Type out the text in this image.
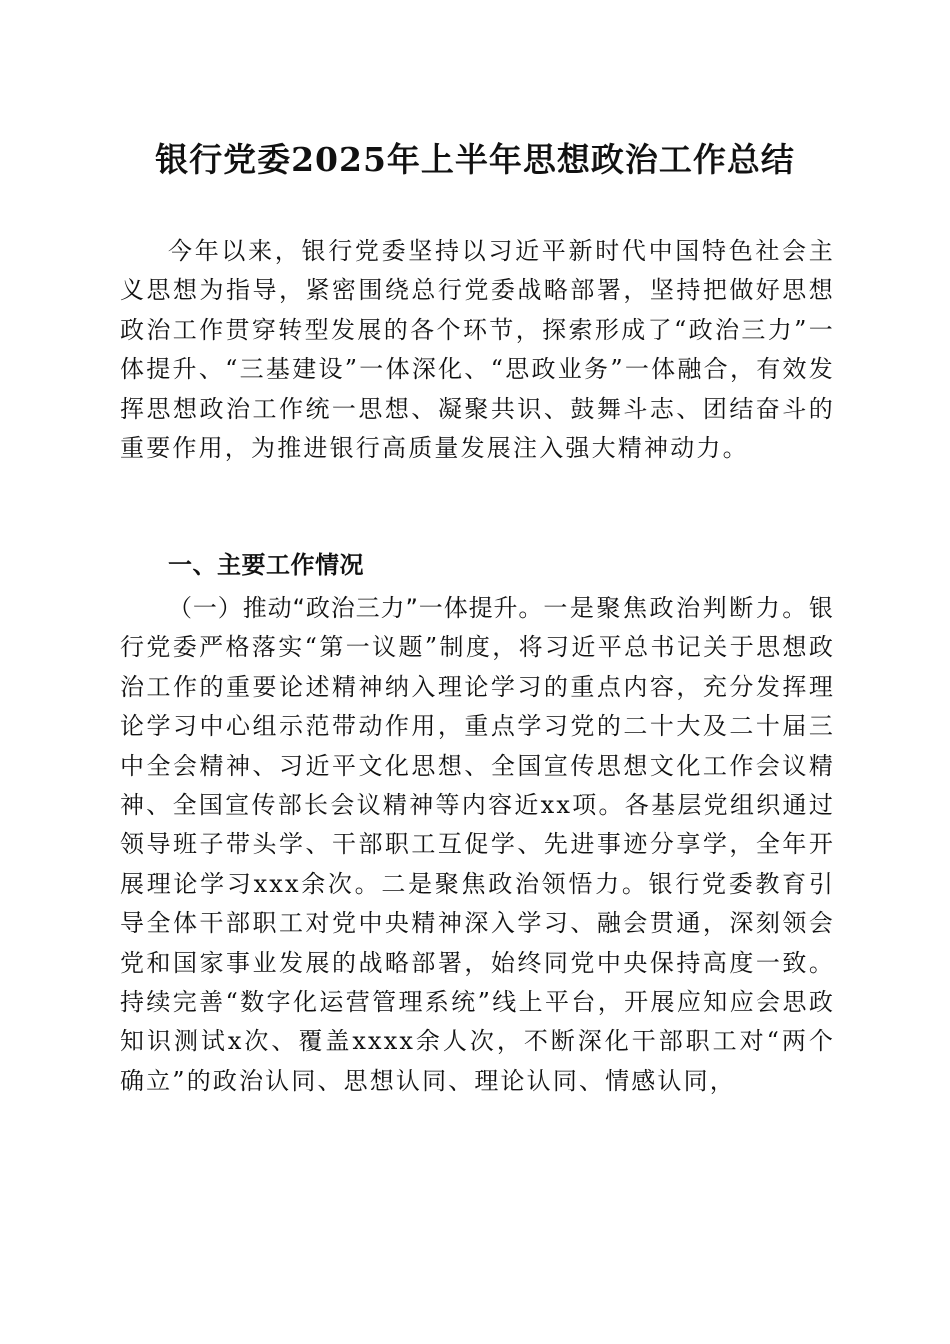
银行党委2025年上半年思想政治工作总结

今年以来，银行党委坚持以习近平新时代中国特色社会主义思想为指导，紧密围绕总行党委战略部署，坚持把做好思想政治工作贯穿转型发展的各个环节，探索形成了“政治三力”一体提升、“三基建设”一体深化、“思政业务”一体融合，有效发挥思想政治工作统一思想、凝聚共识、鼓舞斗志、团结奋斗的重要作用，为推进银行高质量发展注入强大精神动力。

一、主要工作情况

（一）推动“政治三力”一体提升。一是聚焦政治判断力。银行党委严格落实“第一议题”制度，将习近平总书记关于思想政治工作的重要论述精神纳入理论学习的重点内容，充分发挥理论学习中心组示范带动作用，重点学习党的二十大及二十届三中全会精神、习近平文化思想、全国宣传思想文化工作会议精神、全国宣传部长会议精神等内容近xx项。各基层党组织通过领导班子带头学、干部职工互促学、先进事迹分享学，全年开展理论学习xxx余次。二是聚焦政治领悟力。银行党委教育引导全体干部职工对党中央精神深入学习、融会贯通，深刻领会党和国家事业发展的战略部署，始终同党中央保持高度一致。持续完善“数字化运营管理系统”线上平台，开展应知应会思政知识测试x次、覆盖xxxx余人次，不断深化干部职工对“两个确立”的政治认同、思想认同、理论认同、情感认同，
